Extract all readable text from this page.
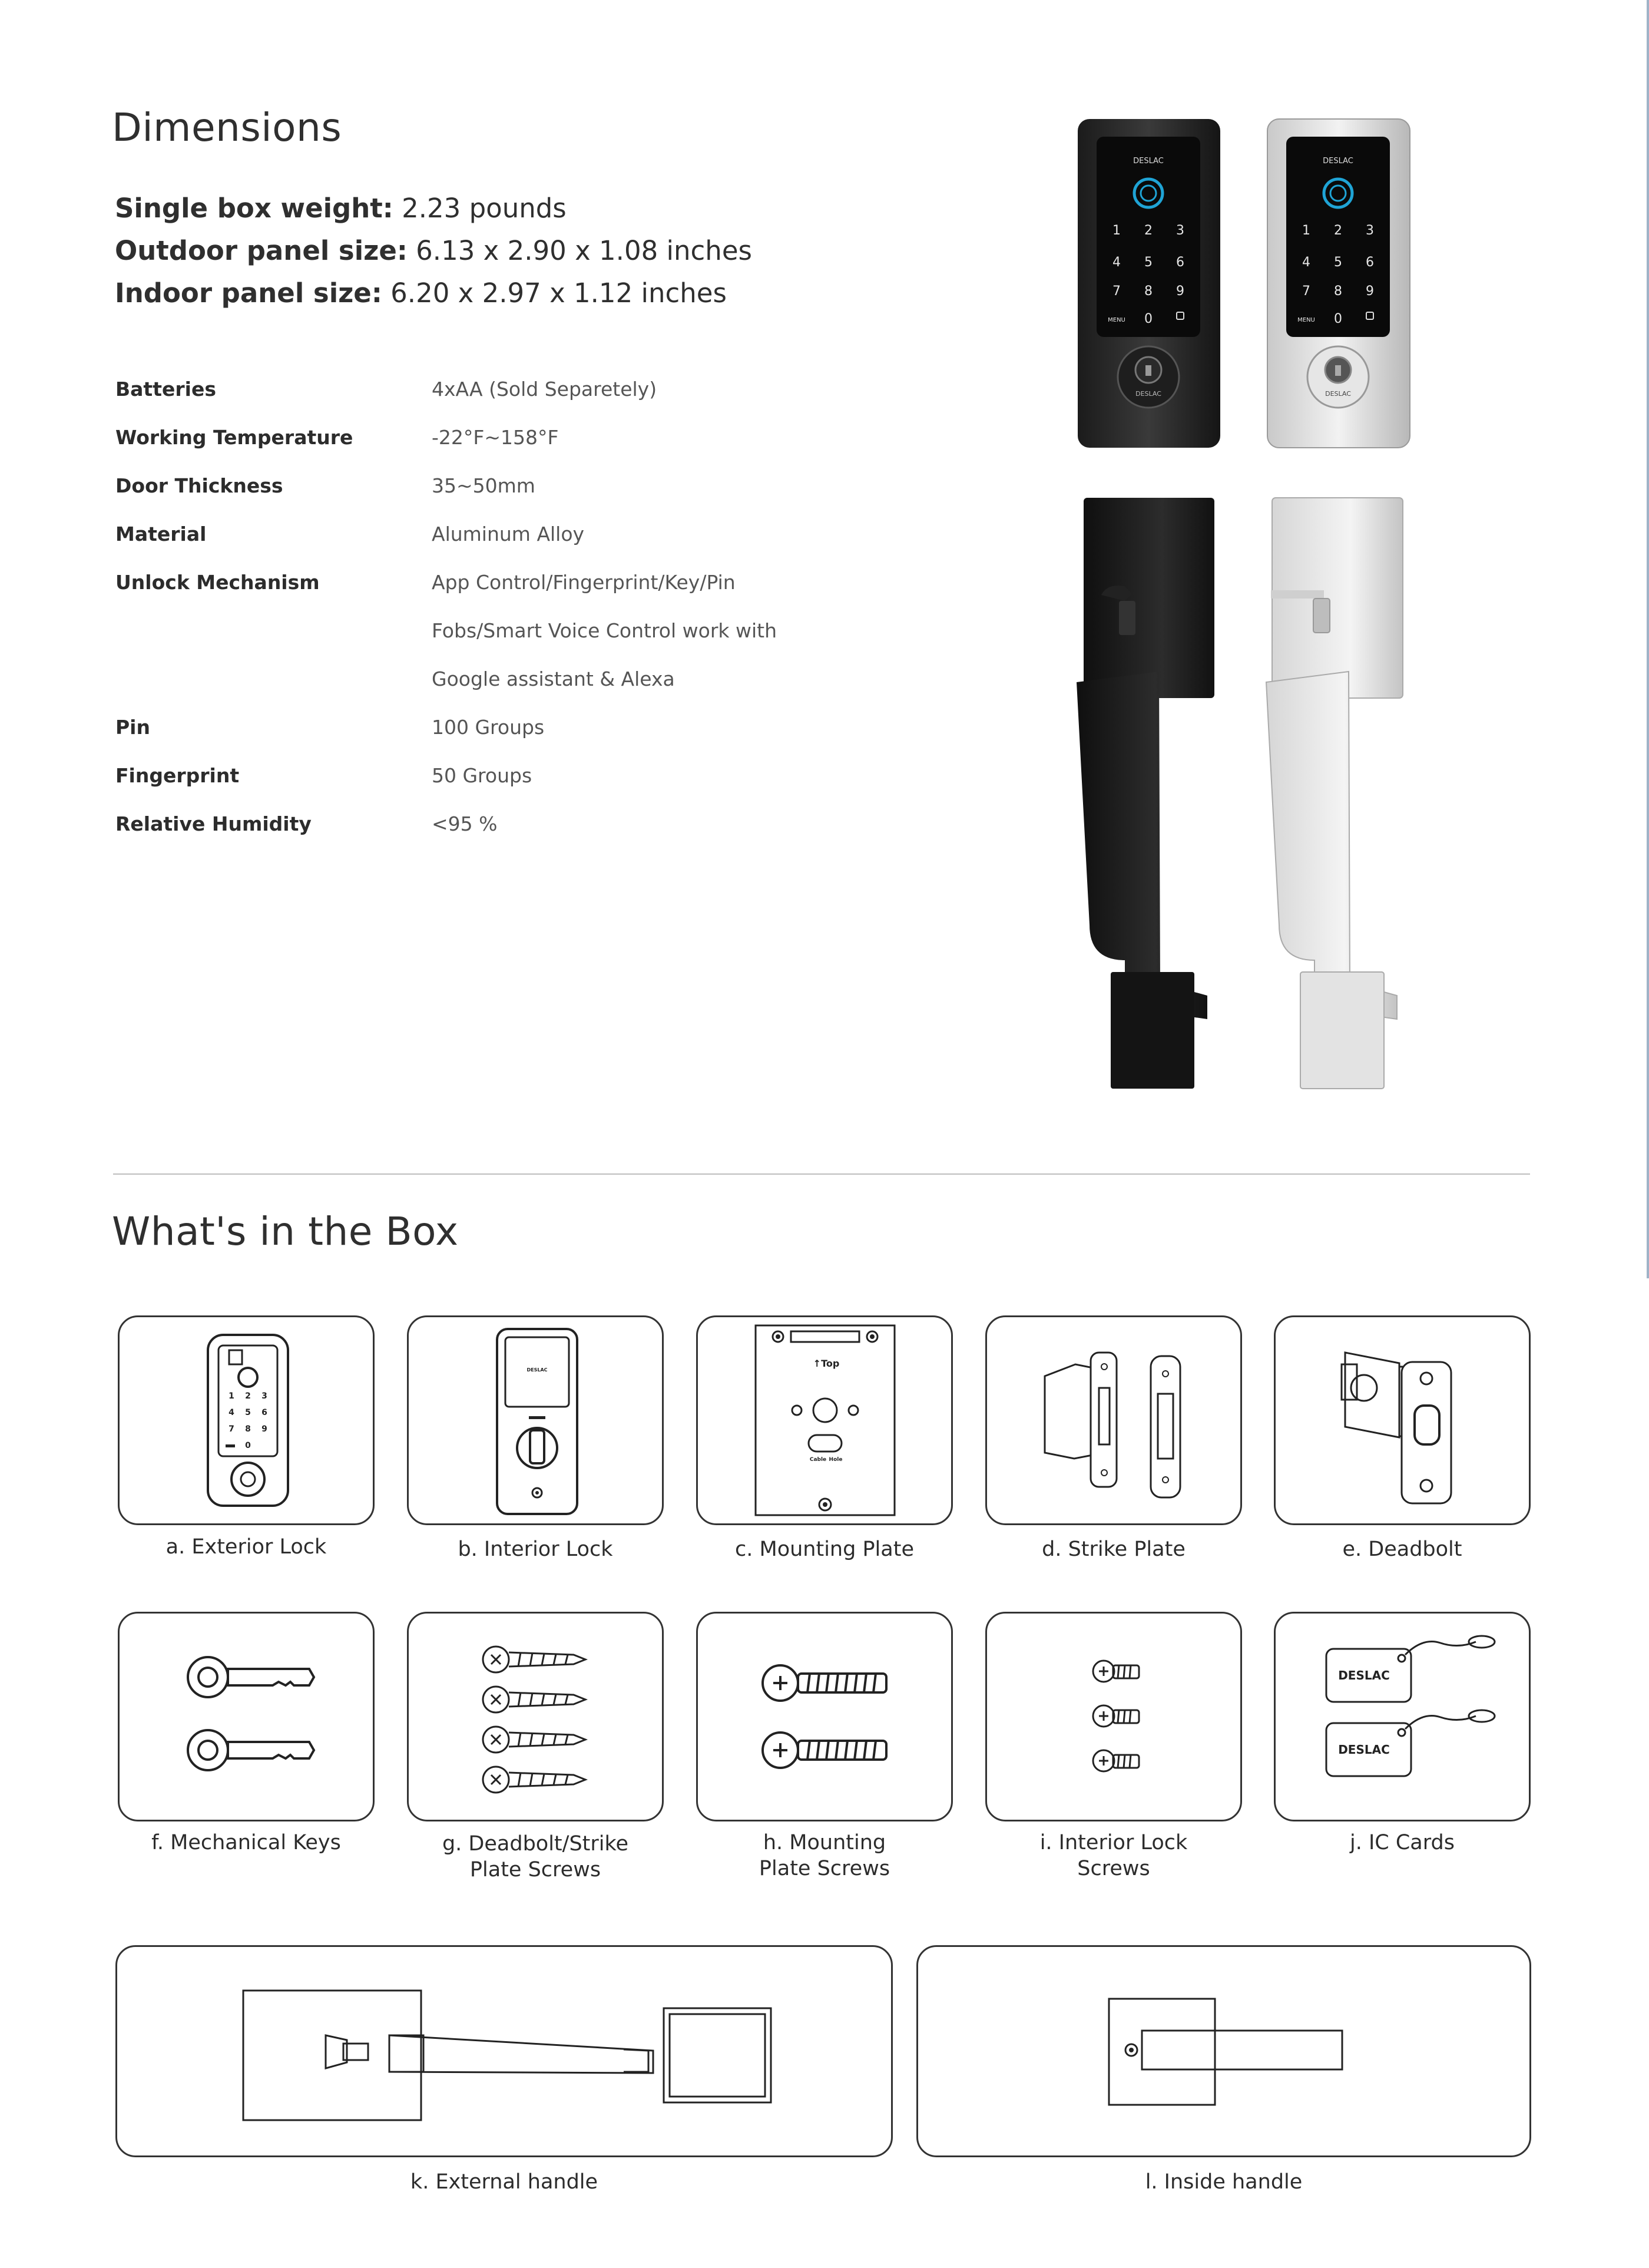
Dimensions
Single box weight: 2.23 pounds
Outdoor panel size: 6.13 x 2.90 x 1.08 inches
Indoor panel size: 6.20 x 2.97 x 1.12 inches
Batteries	4xAA (Sold Separetely)
Working Temperature	-22°F~158°F
Door Thickness	35~50mm
Material	Aluminum Alloy
Unlock Mechanism	App Control/Fingerprint/Key/Pin
Fobs/Smart Voice Control work with
Google assistant & Alexa
Pin	100 Groups
Fingerprint	50 Groups
Relative Humidity	<95 %
DESLAC
1 2 3
4 5 6
7 8 9
MENU 0
DESLAC
DESLAC
1 2 3
4 5 6
7 8 9
MENU 0
DESLAC
What's in the Box
1 2 3
4 5 6
7 8 9
0
DESLAC
↑Top
Cable Hole
a. Exterior Lock	b. Interior Lock	c. Mounting Plate	d. Strike Plate	e. Deadbolt
DESLAC
DESLAC
f. Mechanical Keys	g. Deadbolt/Strike
Plate Screws
h. Mounting
Plate Screws
i. Interior Lock
Screws
j. IC Cards
k. External handle	l. Inside handle
